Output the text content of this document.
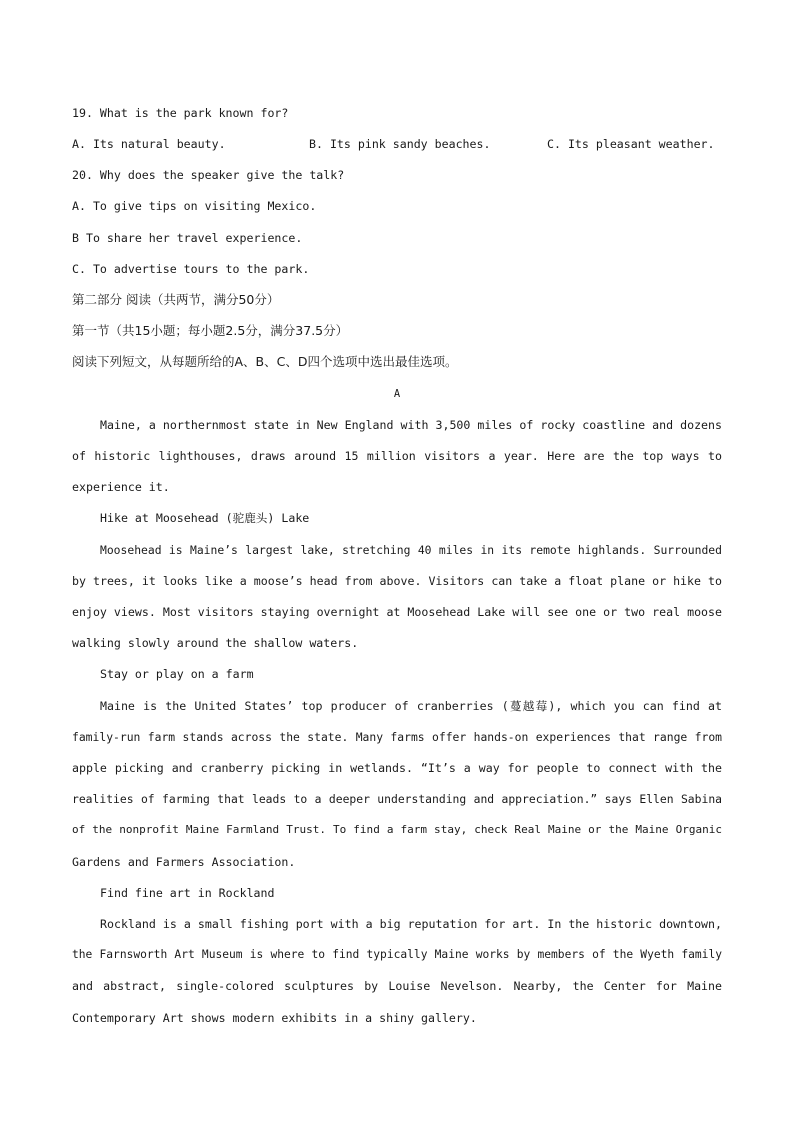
19. What is the park known for?
A. Its natural beauty.	B. Its pink sandy beaches.	C. Its pleasant weather.
20. Why does the speaker give the talk?
A. To give tips on visiting Mexico.
B To share her travel experience.
C. To advertise tours to the park.
第二部分 阅读（共两节，满分50分）
第一节（共15小题；每小题2.5分，满分37.5分）
阅读下列短文，从每题所给的A、B、C、D四个选项中选出最佳选项。
A
Maine, a northernmost state in New England with 3,500 miles of rocky coastline and dozens
of historic lighthouses, draws around 15 million visitors a year. Here are the top ways to
experience it.
Hike at Moosehead (驼鹿头) Lake
Moosehead is Maine’s largest lake, stretching 40 miles in its remote highlands. Surrounded
by trees, it looks like a moose’s head from above. Visitors can take a float plane or hike to
enjoy views. Most visitors staying overnight at Moosehead Lake will see one or two real moose
walking slowly around the shallow waters.
Stay or play on a farm
Maine is the United States’ top producer of cranberries (蔓越莓), which you can find at
family-run farm stands across the state. Many farms offer hands-on experiences that range from
apple picking and cranberry picking in wetlands. “It’s a way for people to connect with the
realities of farming that leads to a deeper understanding and appreciation.” says Ellen Sabina
of the nonprofit Maine Farmland Trust. To find a farm stay, check Real Maine or the Maine Organic
Gardens and Farmers Association.
Find fine art in Rockland
Rockland is a small fishing port with a big reputation for art. In the historic downtown,
the Farnsworth Art Museum is where to find typically Maine works by members of the Wyeth family
and abstract, single-colored sculptures by Louise Nevelson. Nearby, the Center for Maine
Contemporary Art shows modern exhibits in a shiny gallery.
